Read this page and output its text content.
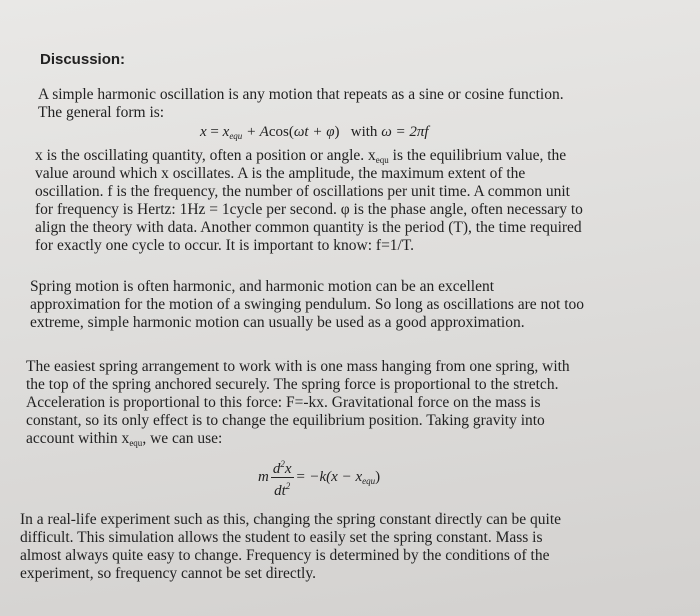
Discussion:
A simple harmonic oscillation is any motion that repeats as a sine or cosine function.
The general form is:
$x = x_{equ} + Acos(\omega t + \varphi)$ with ω = 2πf
x is the oscillating quantity, often a position or angle. $x_{equ}$ is the equilibrium value, the
value around which x oscillates. A is the amplitude, the maximum extent of the
oscillation. f is the frequency, the number of oscillations per unit time. A common unit
for frequency is Hertz: 1Hz = 1cycle per second. φ is the phase angle, often necessary to
align the theory with data. Another common quantity is the period (T), the time required
for exactly one cycle to occur. It is important to know: f=1/T.
Spring motion is often harmonic, and harmonic motion can be an excellent
approximation for the motion of a swinging pendulum. So long as oscillations are not too
extreme, simple harmonic motion can usually be used as a good approximation.
The easiest spring arrangement to work with is one mass hanging from one spring, with
the top of the spring anchored securely. The spring force is proportional to the stretch.
Acceleration is proportional to this force: F=-kx. Gravitational force on the mass is
constant, so its only effect is to change the equilibrium position. Taking gravity into
account within $x_{equ}$, we can use:
m $\frac{d^2x}{dt^2} = -k(x - x_{equ})$
In a real-life experiment such as this, changing the spring constant directly can be quite
difficult. This simulation allows the student to easily set the spring constant. Mass is
almost always quite easy to change. Frequency is determined by the conditions of the
experiment, so frequency cannot be set directly.
